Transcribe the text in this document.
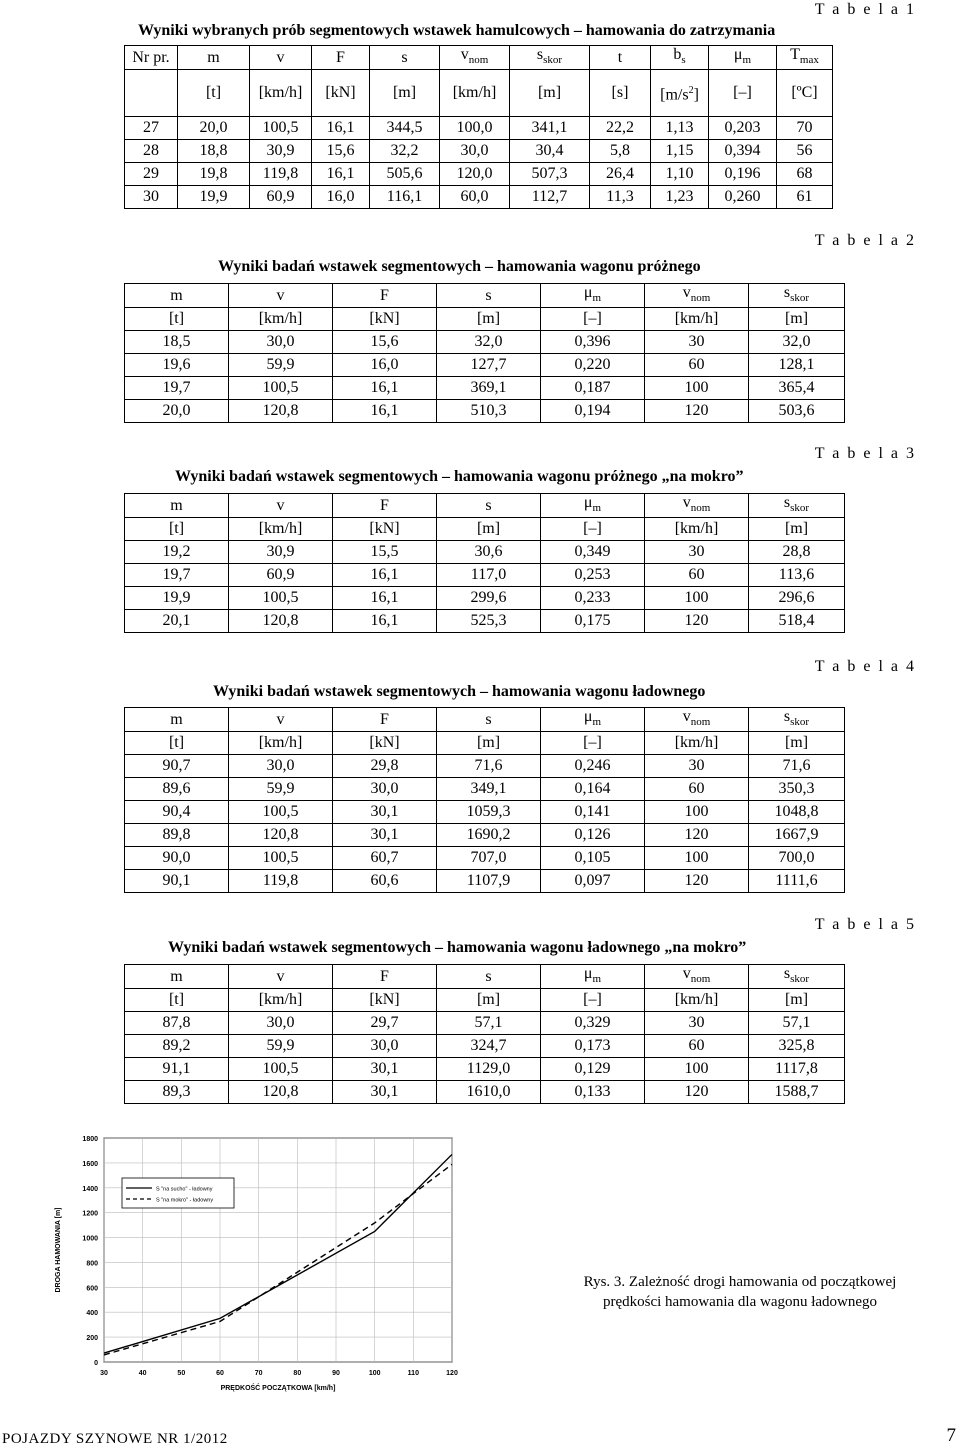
T a b e l a 1
Wyniki wybranych prób segmentowych wstawek hamulcowych – hamowania do zatrzymania
Nr pr.	m	v	F	s	$v_{nom}$	$s_{skor}$	t	$b_s$	$\mu_m$	$T_{max}$
	[t]	[km/h]	[kN]	[m]	[km/h]	[m]	[s]	$[m/s^2]$	[–]	[ºC]
27	20,0	100,5	16,1	344,5	100,0	341,1	22,2	1,13	0,203	70
28	18,8	30,9	15,6	32,2	30,0	30,4	5,8	1,15	0,394	56
29	19,8	119,8	16,1	505,6	120,0	507,3	26,4	1,10	0,196	68
30	19,9	60,9	16,0	116,1	60,0	112,7	11,3	1,23	0,260	61
T a b e l a 2
Wyniki badań wstawek segmentowych – hamowania wagonu próżnego
m	v	F	s	$\mu_m$	$v_{nom}$	$s_{skor}$
[t]	[km/h]	[kN]	[m]	[–]	[km/h]	[m]
18,5	30,0	15,6	32,0	0,396	30	32,0
19,6	59,9	16,0	127,7	0,220	60	128,1
19,7	100,5	16,1	369,1	0,187	100	365,4
20,0	120,8	16,1	510,3	0,194	120	503,6
T a b e l a 3
Wyniki badań wstawek segmentowych – hamowania wagonu próżnego „na mokro”
m	v	F	s	$\mu_m$	$v_{nom}$	$s_{skor}$
[t]	[km/h]	[kN]	[m]	[–]	[km/h]	[m]
19,2	30,9	15,5	30,6	0,349	30	28,8
19,7	60,9	16,1	117,0	0,253	60	113,6
19,9	100,5	16,1	299,6	0,233	100	296,6
20,1	120,8	16,1	525,3	0,175	120	518,4
T a b e l a 4
Wyniki badań wstawek segmentowych – hamowania wagonu ładownego
m	v	F	s	$\mu_m$	$v_{nom}$	$s_{skor}$
[t]	[km/h]	[kN]	[m]	[–]	[km/h]	[m]
90,7	30,0	29,8	71,6	0,246	30	71,6
89,6	59,9	30,0	349,1	0,164	60	350,3
90,4	100,5	30,1	1059,3	0,141	100	1048,8
89,8	120,8	30,1	1690,2	0,126	120	1667,9
90,0	100,5	60,7	707,0	0,105	100	700,0
90,1	119,8	60,6	1107,9	0,097	120	1111,6
T a b e l a 5
Wyniki badań wstawek segmentowych – hamowania wagonu ładownego „na mokro”
m	v	F	s	$\mu_m$	$v_{nom}$	$s_{skor}$
[t]	[km/h]	[kN]	[m]	[–]	[km/h]	[m]
87,8	30,0	29,7	57,1	0,329	30	57,1
89,2	59,9	30,0	324,7	0,173	60	325,8
91,1	100,5	30,1	1129,0	0,129	100	1117,8
89,3	120,8	30,1	1610,0	0,133	120	1588,7
0
200
400
600
800
1000
1200
1400
1600
1800
30	40	50	60	70	80	90	100	110	120
PRĘDKOŚĆ POCZĄTKOWA [km/h]
DROGA HAMOWANIA [m]
S "na sucho" - ładowny
S "na mokro" - ładowny
Rys. 3. Zależność drogi hamowania od początkowej
prędkości hamowania dla wagonu ładownego
POJAZDY SZYNOWE NR 1/2012	7
